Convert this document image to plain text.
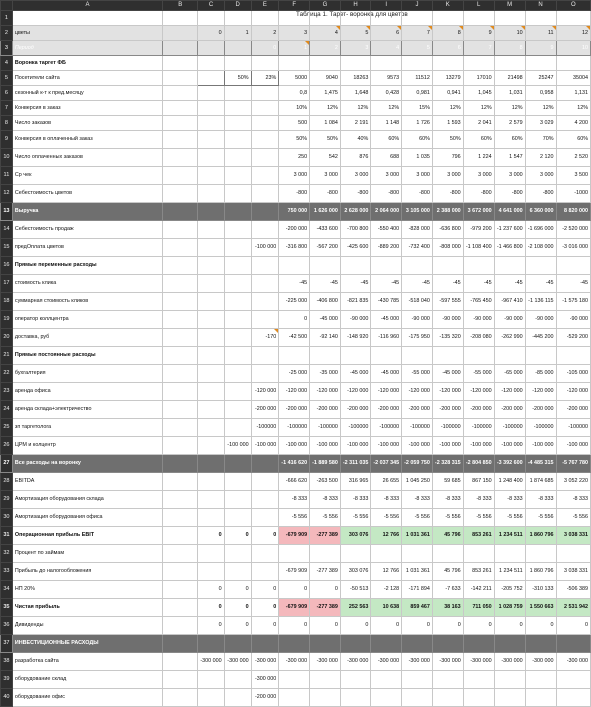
Таблица 1. Тарет- воронка для цветов
	A	B	C	D	E	F	G	H	I	J	K	L	M	N	O
1															
2	цветы		0	1	2	3	4	5	6	7	8	9	10	11	12
3	Период				0	1	2	3	4	5	6	7	8	9	10
4	Воронка таргет ФБ														
5	Посетители сайта			50%	23%	5000	9040	18263	9573	11512	13279	17010	21498	25247	35004
6	сезонный к-т к пред.месяцу					0,8	1,475	1,648	0,428	0,981	0,941	1,045	1,031	0,958	1,131
7	Конверсия в заказ					10%	12%	12%	12%	15%	12%	12%	12%	12%	12%
8	Число заказов					500	1 084	2 191	1 148	1 726	1 593	2 041	2 579	3 029	4 200
9	Конверсия в оплаченный заказ					50%	50%	40%	60%	60%	50%	60%	60%	70%	60%
10	Число оплаченных заказов					250	542	876	688	1 035	796	1 224	1 547	2 120	2 520
11	Ср чек					3 000	3 000	3 000	3 000	3 000	3 000	3 000	3 000	3 000	3 500
12	Себестоимость цветов					-800	-800	-800	-800	-800	-800	-800	-800	-800	-1000
13	Выручка					750 000	1 626 000	2 628 000	2 064 000	3 105 000	2 388 000	3 672 000	4 641 000	6 360 000	8 820 000
14	Себестоимость продаж					-200 000	-433 600	-700 800	-550 400	-828 000	-636 800	-979 200	-1 237 600	-1 696 000	-2 520 000
15	предОплата цветов				-100 000	-316 800	-567 200	-425 600	-889 200	-732 400	-808 000	-1 108 400	-1 466 800	-2 108 000	-3 016 000
16	Прямые переменные расходы														
17	стоимость клика					-45	-45	-45	-45	-45	-45	-45	-45	-45	-45
18	суммарная стоимость кликов					-225 000	-406 800	-821 835	-430 785	-518 040	-597 555	-765 450	-967 410	-1 136 115	-1 575 180
19	оператор коллцентра					0	-45 000	-90 000	-45 000	-90 000	-90 000	-90 000	-90 000	-90 000	-90 000
20	доставка, руб				-170	-42 500	-92 140	-148 920	-116 960	-175 950	-135 320	-208 080	-262 990	-445 200	-529 200
21	Прямые постоянные расходы														
22	бухгалтерия					-25 000	-35 000	-45 000	-45 000	-55 000	-45 000	-55 000	-65 000	-85 000	-105 000
23	аренда офиса				-120 000	-120 000	-120 000	-120 000	-120 000	-120 000	-120 000	-120 000	-120 000	-120 000	-120 000
24	аренда склада+электричество				-200 000	-200 000	-200 000	-200 000	-200 000	-200 000	-200 000	-200 000	-200 000	-200 000	-200 000
25	зп таргетолога				-100000	-100000	-100000	-100000	-100000	-100000	-100000	-100000	-100000	-100000	-100000
26	ЦРМ и колцентр			-100 000	-100 000	-100 000	-100 000	-100 000	-100 000	-100 000	-100 000	-100 000	-100 000	-100 000	-100 000
27	Все расходы на воронку					-1 416 620	-1 889 580	-2 311 035	-2 037 345	-2 059 750	-2 328 315	-2 804 850	-3 392 600	-4 485 315	-5 767 780
28	EBITDA					-666 620	-263 500	316 965	26 655	1 045 250	59 685	867 150	1 248 400	1 874 685	3 052 220
29	Амортизация оборудования склада					-8 333	-8 333	-8 333	-8 333	-8 333	-8 333	-8 333	-8 333	-8 333	-8 333
30	Амортизация оборудования офиса					-5 556	-5 556	-5 556	-5 556	-5 556	-5 556	-5 556	-5 556	-5 556	-5 556
31	Операционная прибыль EBIT		0	0	0	-679 909	-277 389	303 076	12 766	1 031 361	45 796	853 261	1 234 511	1 860 796	3 038 331
32	Процент по займам														
33	Прибыль до налогообложения					-679 909	-277 389	303 076	12 766	1 031 361	45 796	853 261	1 234 511	1 860 796	3 038 331
34	НП 20%		0	0	0	0	0	-50 513	-2 128	-171 894	-7 633	-142 211	-205 752	-310 133	-506 389
35	Чистая прибыль		0	0	0	-679 909	-277 389	252 563	10 638	859 467	38 163	711 050	1 028 759	1 550 663	2 531 942
36	Дивиденды		0	0	0	0	0	0	0	0	0	0	0	0	0
37	ИНВЕСТИЦИОННЫЕ РАСХОДЫ														
38	разработка сайта		-300 000	-300 000	-300 000	-300 000	-300 000	-300 000	-300 000	-300 000	-300 000	-300 000	-300 000	-300 000	-300 000
39	оборудование склад				-300 000										
40	оборудование офис				-200 000										
